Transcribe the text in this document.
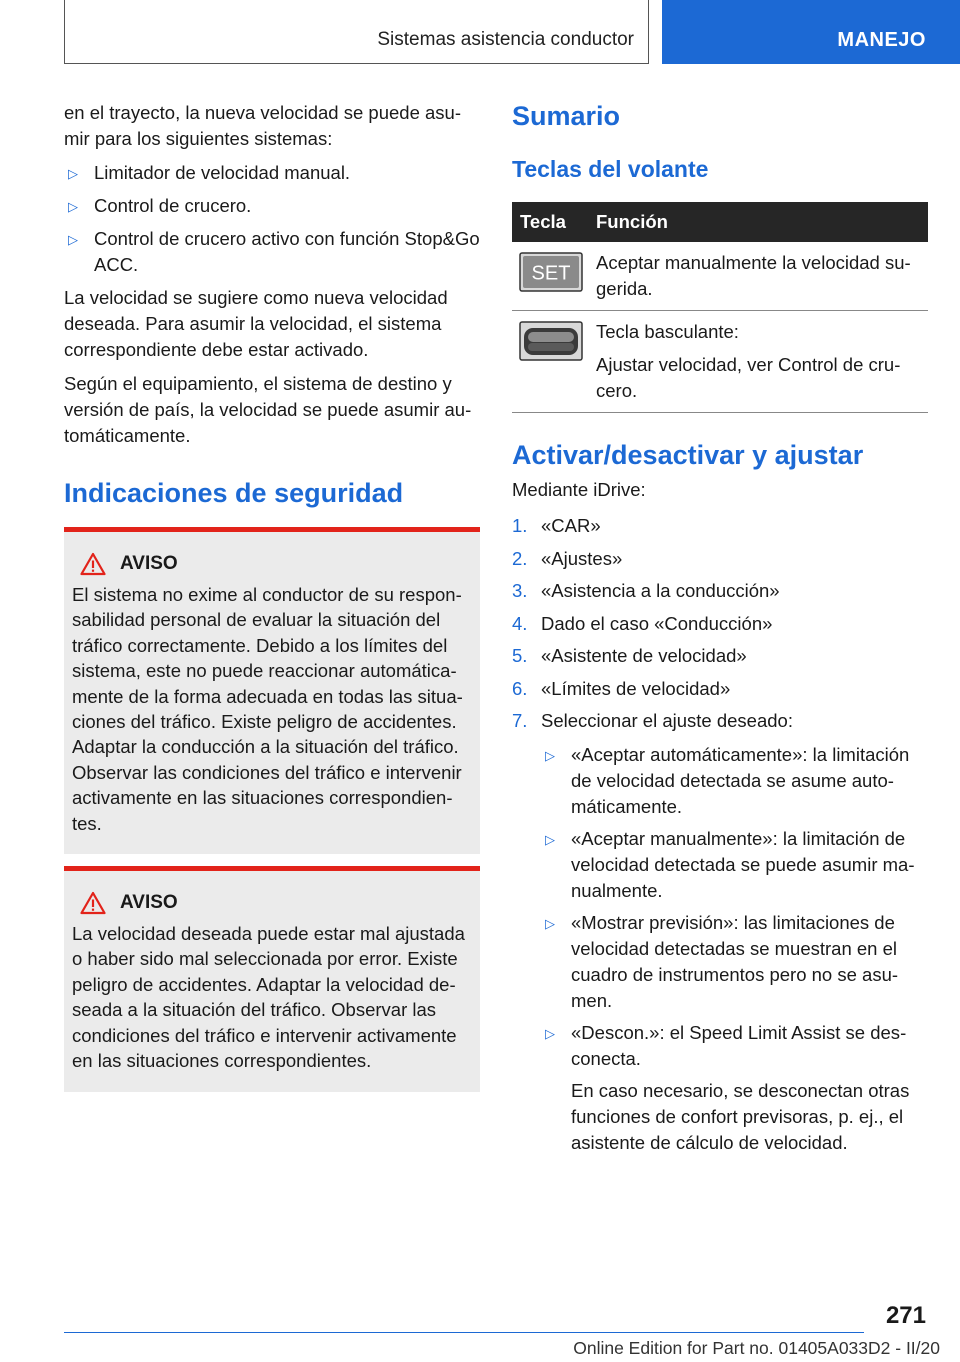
Sistemas asistencia conductor	MANEJO

en el trayecto, la nueva velocidad se puede asumir para los siguientes sistemas:

▷ Limitador de velocidad manual.
▷ Control de crucero.
▷ Control de crucero activo con función Stop&Go ACC.

La velocidad se sugiere como nueva velocidad deseada. Para asumir la velocidad, el sistema correspondiente debe estar activado.

Según el equipamiento, el sistema de destino y versión de país, la velocidad se puede asumir automáticamente.

Indicaciones de seguridad
AVISO

El sistema no exime al conductor de su responsabilidad personal de evaluar la situación del tráfico correctamente. Debido a los límites del sistema, este no puede reaccionar automáticamente de la forma adecuada en todas las situaciones del tráfico. Existe peligro de accidentes. Adaptar la conducción a la situación del tráfico. Observar las condiciones del tráfico e intervenir activamente en las situaciones correspondientes.

AVISO

La velocidad deseada puede estar mal ajustada o haber sido mal seleccionada por error. Existe peligro de accidentes. Adaptar la velocidad deseada a la situación del tráfico. Observar las condiciones del tráfico e intervenir activamente en las situaciones correspondientes.

Sumario
Teclas del volante
Tecla	Función

SET	Aceptar manualmente la velocidad sugerida.

Tecla basculante:
Ajustar velocidad, ver Control de crucero.
Activar/desactivar y ajustar

Mediante iDrive:

1. «CAR»
2. «Ajustes»
3. «Asistencia a la conducción»
4. Dado el caso «Conducción»
5. «Asistente de velocidad»
6. «Límites de velocidad»
7. Seleccionar el ajuste deseado:
▷ «Aceptar automáticamente»: la limitación de velocidad detectada se asume automáticamente.
▷ «Aceptar manualmente»: la limitación de velocidad detectada se puede asumir manualmente.
▷ «Mostrar previsión»: las limitaciones de velocidad detectadas se muestran en el cuadro de instrumentos pero no se asumen.
▷ «Descon.»: el Speed Limit Assist se desconecta.
En caso necesario, se desconectan otras funciones de confort previsoras, p. ej., el asistente de cálculo de velocidad.
271
Online Edition for Part no. 01405A033D2 - II/20
